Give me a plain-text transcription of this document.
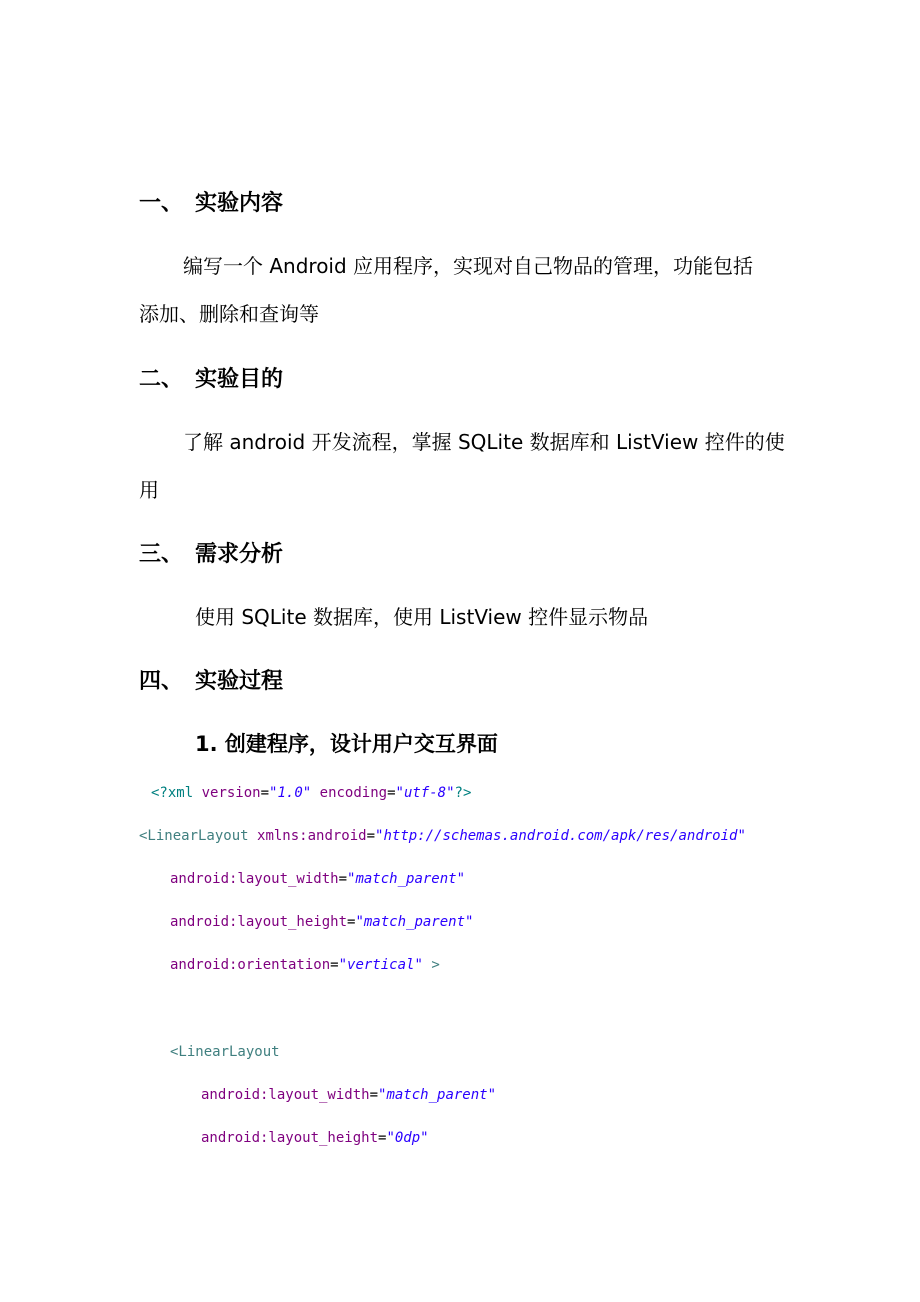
一、 实验内容
编写一个 Android 应用程序，实现对自己物品的管理，功能包括
添加、删除和查询等
二、 实验目的
了解 android 开发流程，掌握 SQLite 数据库和 ListView 控件的使
用
三、 需求分析
使用 SQLite 数据库，使用 ListView 控件显示物品
四、 实验过程
1. 创建程序，设计用户交互界面
<?xml version="1.0" encoding="utf-8"?>
<LinearLayout xmlns:android="http://schemas.android.com/apk/res/android"
android:layout_width="match_parent"
android:layout_height="match_parent"
android:orientation="vertical" >
<LinearLayout
android:layout_width="match_parent"
android:layout_height="0dp"
